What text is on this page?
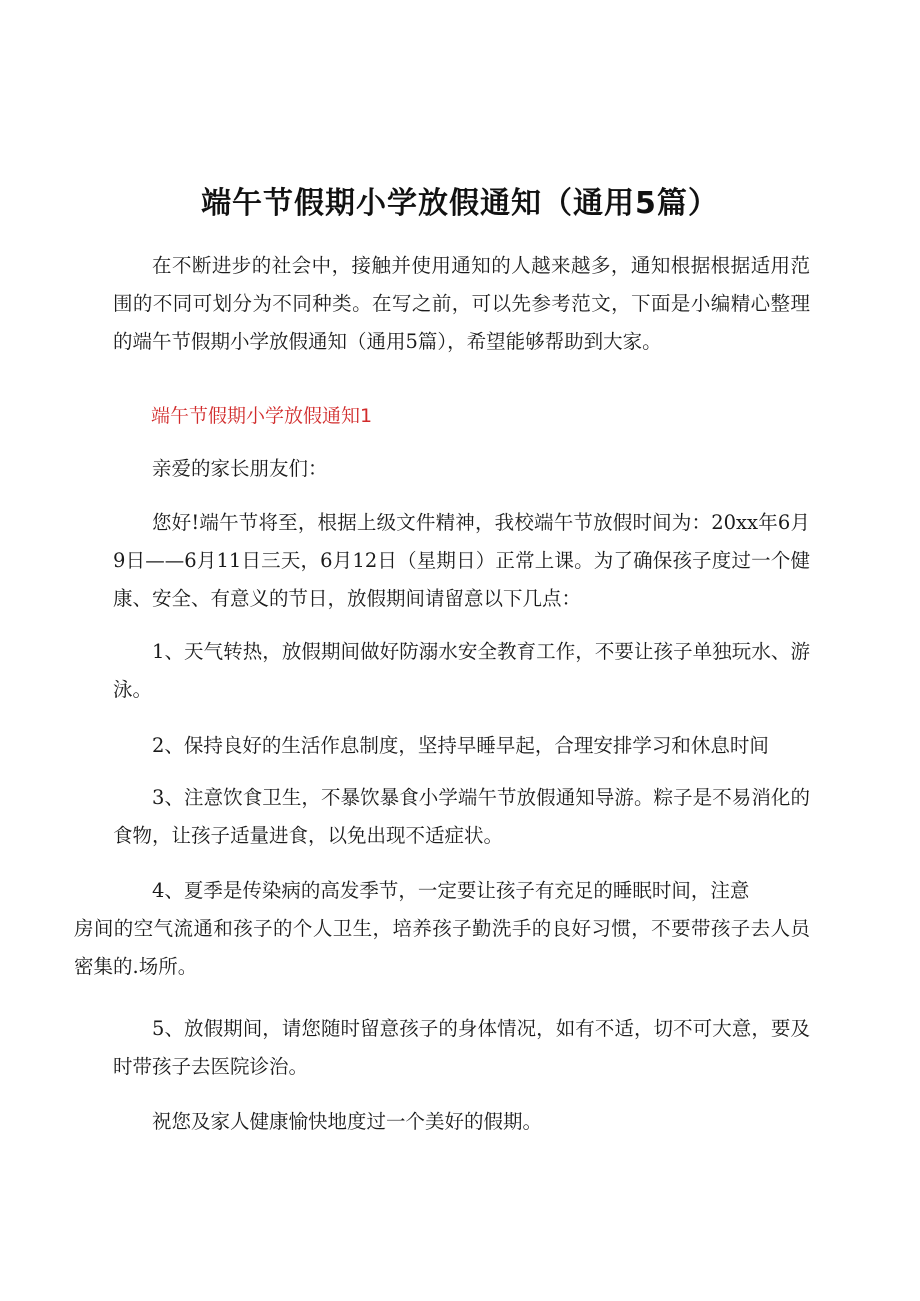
端午节假期小学放假通知（通用5篇）

在不断进步的社会中，接触并使用通知的人越来越多，通知根据根据适用范围的不同可划分为不同种类。在写之前，可以先参考范文，下面是小编精心整理的端午节假期小学放假通知（通用5篇），希望能够帮助到大家。

端午节假期小学放假通知1

亲爱的家长朋友们：

您好!端午节将至，根据上级文件精神，我校端午节放假时间为：20xx年6月9日——6月11日三天，6月12日（星期日）正常上课。为了确保孩子度过一个健康、安全、有意义的节日，放假期间请留意以下几点：

1、天气转热，放假期间做好防溺水安全教育工作，不要让孩子单独玩水、游泳。

2、保持良好的生活作息制度，坚持早睡早起，合理安排学习和休息时间

3、注意饮食卫生，不暴饮暴食小学端午节放假通知导游。粽子是不易消化的食物，让孩子适量进食，以免出现不适症状。

4、夏季是传染病的高发季节，一定要让孩子有充足的睡眠时间，注意
房间的空气流通和孩子的个人卫生，培养孩子勤洗手的良好习惯，不要带孩子去人员密集的.场所。

5、放假期间，请您随时留意孩子的身体情况，如有不适，切不可大意，要及时带孩子去医院诊治。

祝您及家人健康愉快地度过一个美好的假期。
